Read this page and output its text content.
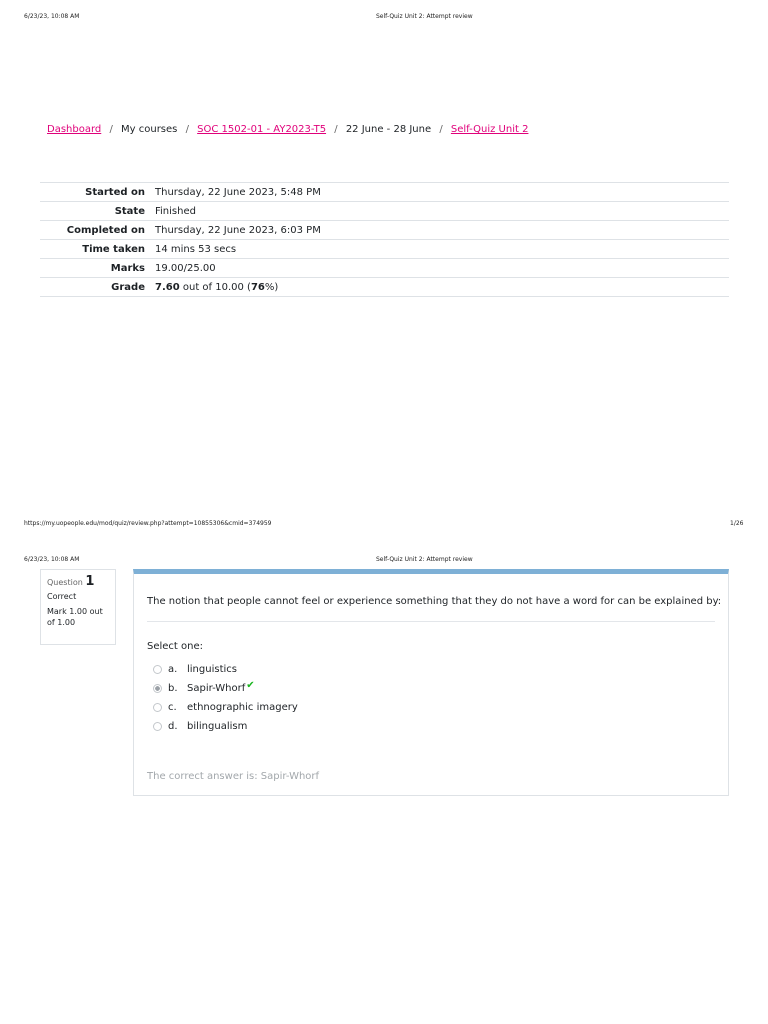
6/23/23, 10:08 AM	Self-Quiz Unit 2: Attempt review
Dashboard / My courses / SOC 1502-01 - AY2023-T5 / 22 June - 28 June / Self-Quiz Unit 2
Started on	Thursday, 22 June 2023, 5:48 PM
State	Finished
Completed on	Thursday, 22 June 2023, 6:03 PM
Time taken	14 mins 53 secs
Marks	19.00/25.00
Grade	7.60 out of 10.00 (76%)
https://my.uopeople.edu/mod/quiz/review.php?attempt=10855306&cmid=374959	1/26
6/23/23, 10:08 AM	Self-Quiz Unit 2: Attempt review
Question 1
Correct
Mark 1.00 out of 1.00
The notion that people cannot feel or experience something that they do not have a word for can be explained by:
Select one:
a. linguistics
b. Sapir-Whorf ✔
c.	ethnographic imagery
d. bilingualism
The correct answer is: Sapir-Whorf
